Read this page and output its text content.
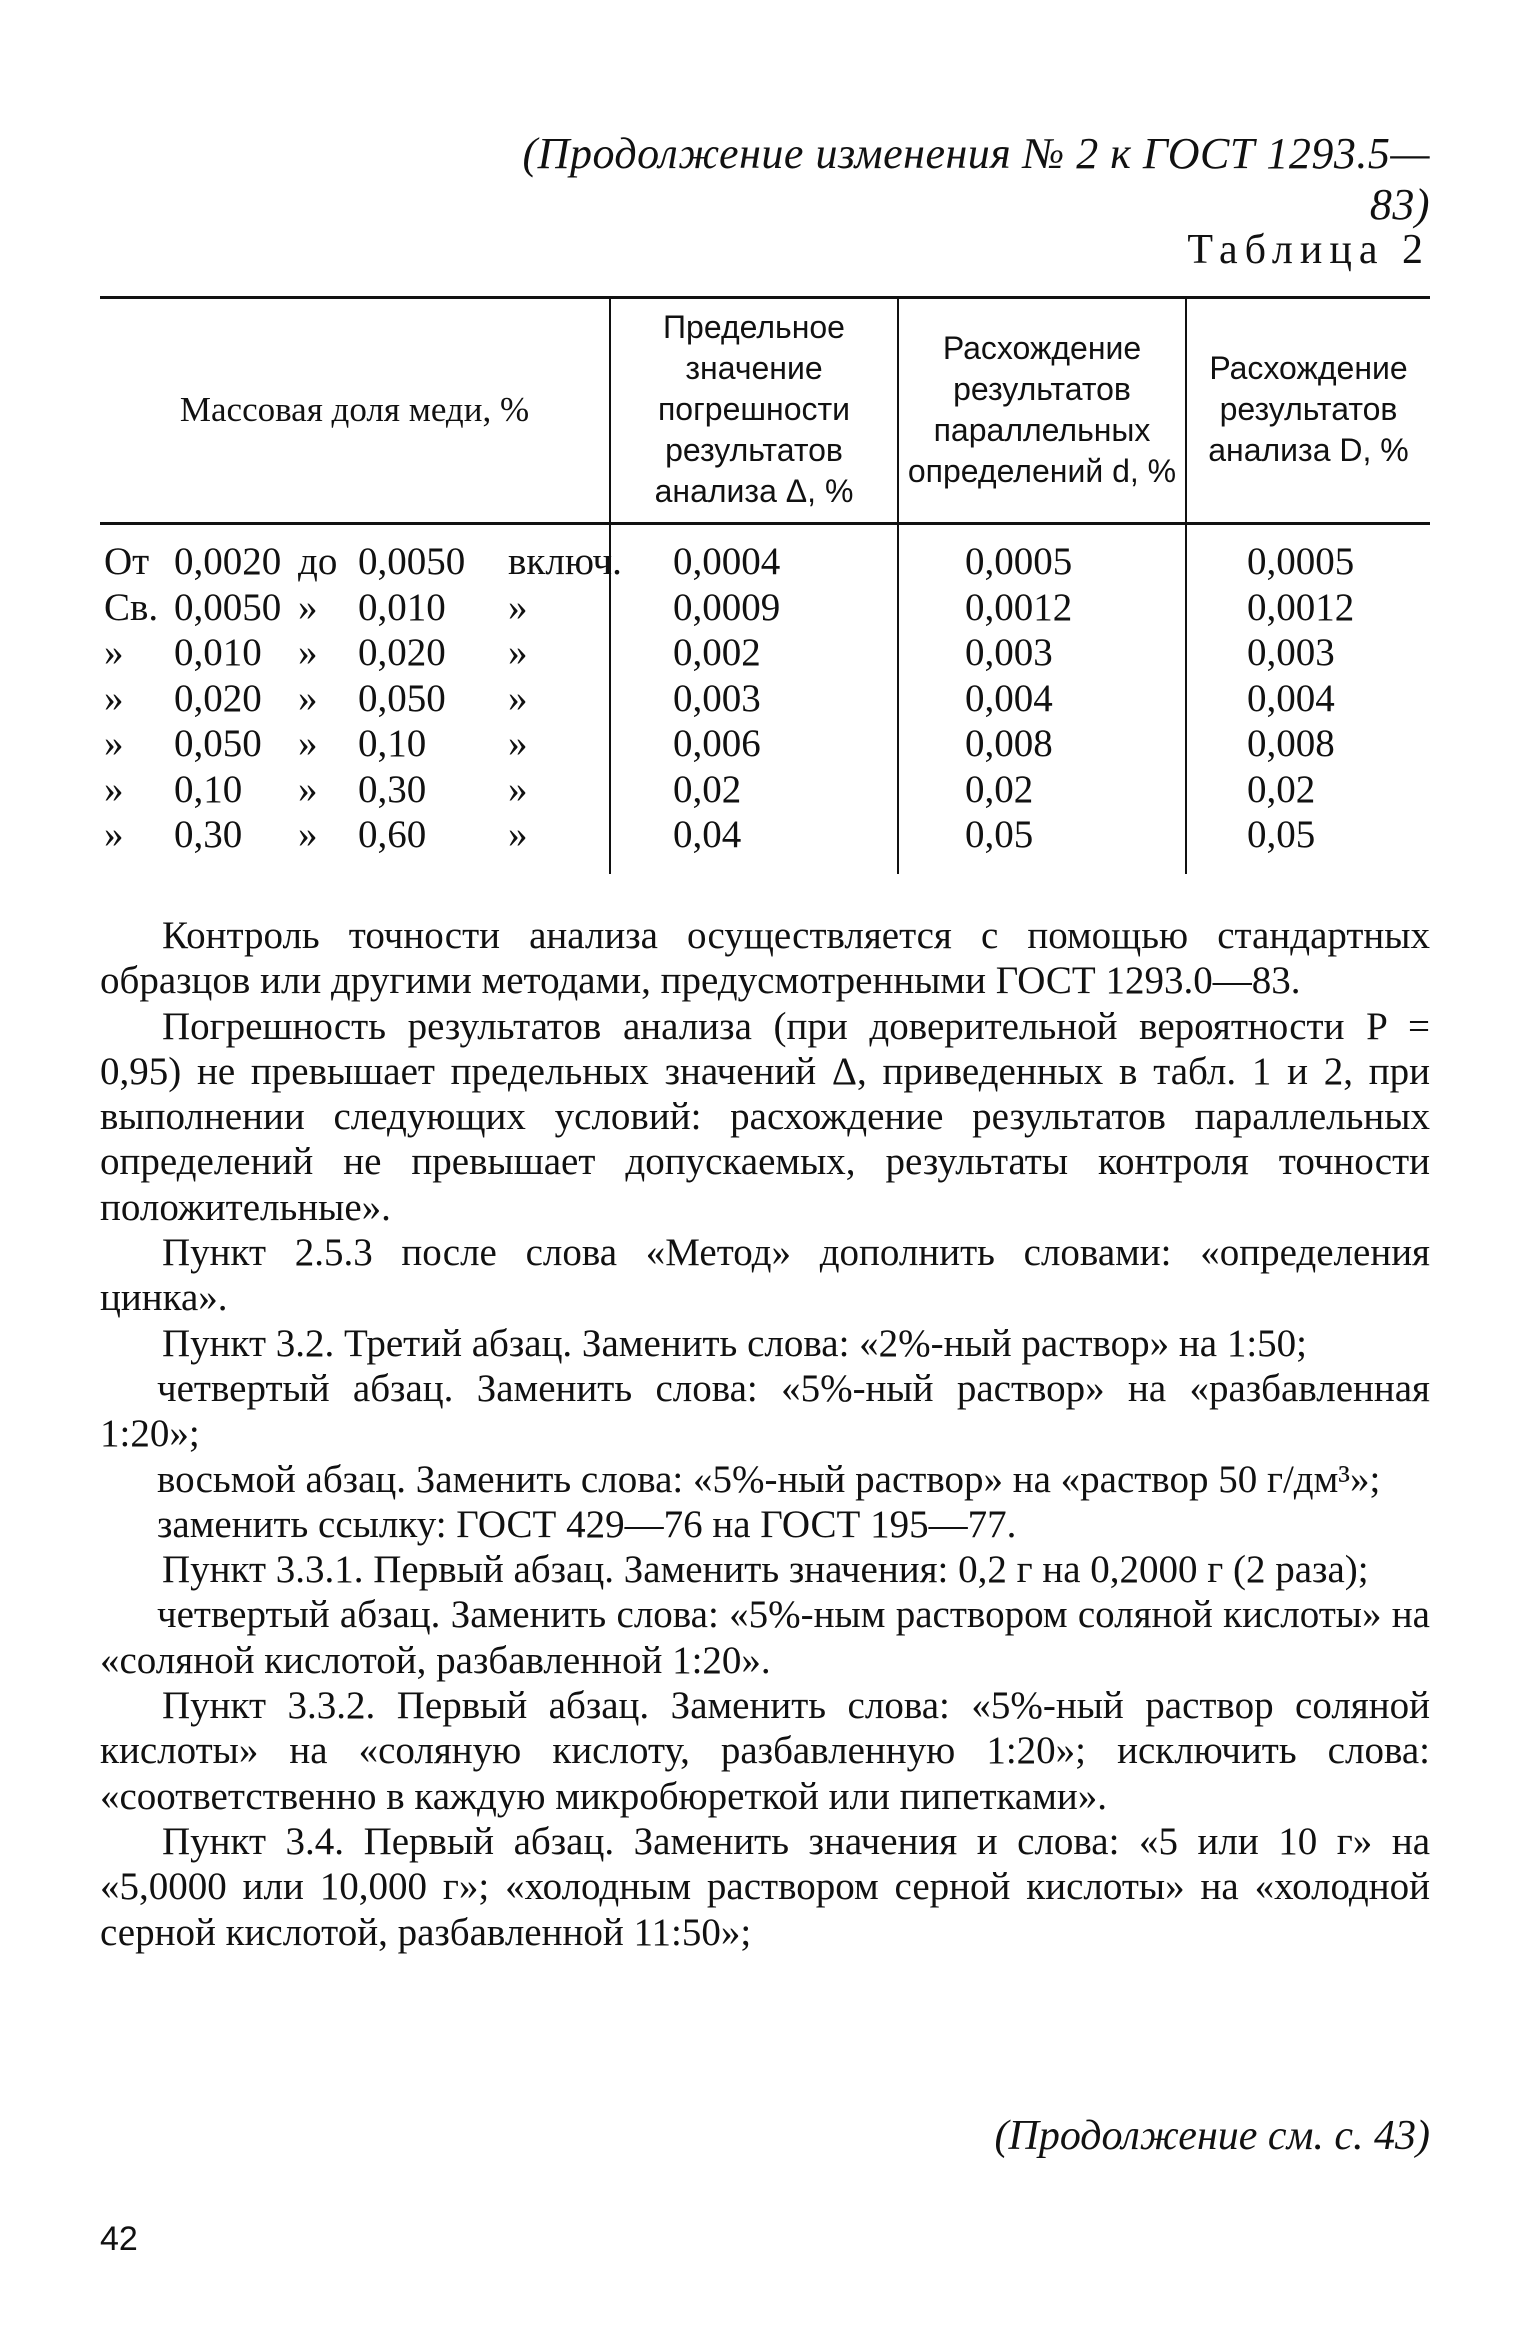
(Продолжение изменения № 2 к ГОСТ 1293.5—83)
Таблица 2
Массовая доля меди, %	Предельное значение погрешности результатов анализа Δ, %	Расхождение результатов параллельных определений d, %	Расхождение результатов анализа D, %

От 0,0020 до 0,0050 включ.	0,0004	0,0005	0,0005

Св. 0,0050 » 0,010 »	0,0009	0,0012	0,0012

» 0,010 » 0,020 »	0,002	0,003	0,003

» 0,020 » 0,050 »	0,003	0,004	0,004

» 0,050 » 0,10 »	0,006	0,008	0,008

» 0,10 » 0,30 »	0,02	0,02	0,02

» 0,30 » 0,60 »	0,04	0,05	0,05

Контроль точности анализа осуществляется с помощью стандартных образцов или другими методами, предусмотренными ГОСТ 1293.0—83.

Погрешность результатов анализа (при доверительной вероятности P = 0,95) не превышает предельных значений Δ, приведенных в табл. 1 и 2, при выполнении следующих условий: расхождение результатов параллельных определений не превышает допускаемых, результаты контроля точности положительные».

Пункт 2.5.3 после слова «Метод» дополнить словами: «определения цинка».

Пункт 3.2. Третий абзац. Заменить слова: «2%-ный раствор» на 1:50;

четвертый абзац. Заменить слова: «5%-ный раствор» на «разбавленная 1:20»;

восьмой абзац. Заменить слова: «5%-ный раствор» на «раствор 50 г/дм³»;

заменить ссылку: ГОСТ 429—76 на ГОСТ 195—77.

Пункт 3.3.1. Первый абзац. Заменить значения: 0,2 г на 0,2000 г (2 раза);

четвертый абзац. Заменить слова: «5%-ным раствором соляной кислоты» на «соляной кислотой, разбавленной 1:20».

Пункт 3.3.2. Первый абзац. Заменить слова: «5%-ный раствор соляной кислоты» на «соляную кислоту, разбавленную 1:20»; исключить слова: «соответственно в каждую микробюреткой или пипетками».

Пункт 3.4. Первый абзац. Заменить значения и слова: «5 или 10 г» на «5,0000 или 10,000 г»; «холодным раствором серной кислоты» на «холодной серной кислотой, разбавленной 11:50»;

(Продолжение см. с. 43)
42
